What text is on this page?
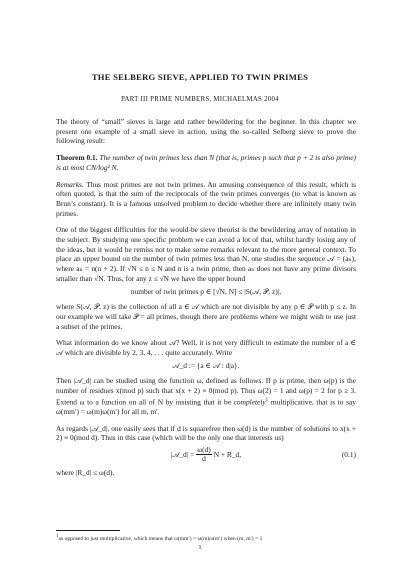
THE SELBERG SIEVE, APPLIED TO TWIN PRIMES
PART III PRIME NUMBERS, MICHAELMAS 2004

The theory of “small” sieves is large and rather bewildering for the beginner. In this chapter we present one example of a small sieve in action, using the so-called Selberg sieve to prove the following result:

Theorem 0.1. The number of twin primes less than N (that is, primes p such that p + 2 is also prime) is at most CN/log² N.

Remarks. Thus most primes are not twin primes. An amusing consequence of this result, which is often quoted, is that the sum of the reciprocals of the twin primes converges (to what is known as Brun’s constant). It is a famous unsolved problem to decide whether there are infinitely many twin primes.

One of the biggest difficulties for the would-be sieve theorist is the bewildering array of notation in the subject. By studying one specific problem we can avoid a lot of that, whilst hardly losing any of the ideas, but it would be remiss not to make some remarks relevant to the more general context. To place an upper bound on the number of twin primes less than N, one studies the sequence 𝒜 = (aₙ), where aₙ = n(n + 2). If √N ≤ n ≤ N and n is a twin prime, then aₙ does not have any prime divisors smaller than √N. Thus, for any z ≤ √N we have the upper bound

number of twin primes p ∈ [√N, N] ≤ |S(𝒜, 𝒫, z)|,

where S(𝒜, 𝒫, z) is the collection of all a ∈ 𝒜 which are not divisible by any p ∈ 𝒫 with p ≤ z. In our example we will take 𝒫 = all primes, though there are problems where we might wish to use just a subset of the primes.

What information do we know about 𝒜? Well, it is not very difficult to estimate the number of a ∈ 𝒜 which are divisible by 2, 3, 4, . . . quite accurately. Write

𝒜_d := {a ∈ 𝒜 : d|a}.

Then |𝒜_d| can be studied using the function ω, defined as follows. If p is prime, then ω(p) is the number of residues x(mod p) such that x(x + 2) ≡ 0(mod p). Thus ω(2) = 1 and ω(p) = 2 for p ≥ 3. Extend ω to a function on all of N by insisting that it be completely$^1$ multiplicative, that is to say ω(mm′) = ω(m)ω(m′) for all m, m′.

As regards |𝒜_d|, one easily sees that if d is squarefree then ω(d) is the number of solutions to x(x + 2) ≡ 0(mod d). Thus in this case (which will be the only one that interests us)

|𝒜_d| = $\frac{\omega(d)}{d}$ N + R_d,	(0.1)

where |R_d| ≤ ω(d).

1as opposed to just multiplicative, which means that ω(mm′) = ω(m)ω(m′) when (m, m′) = 1
1
